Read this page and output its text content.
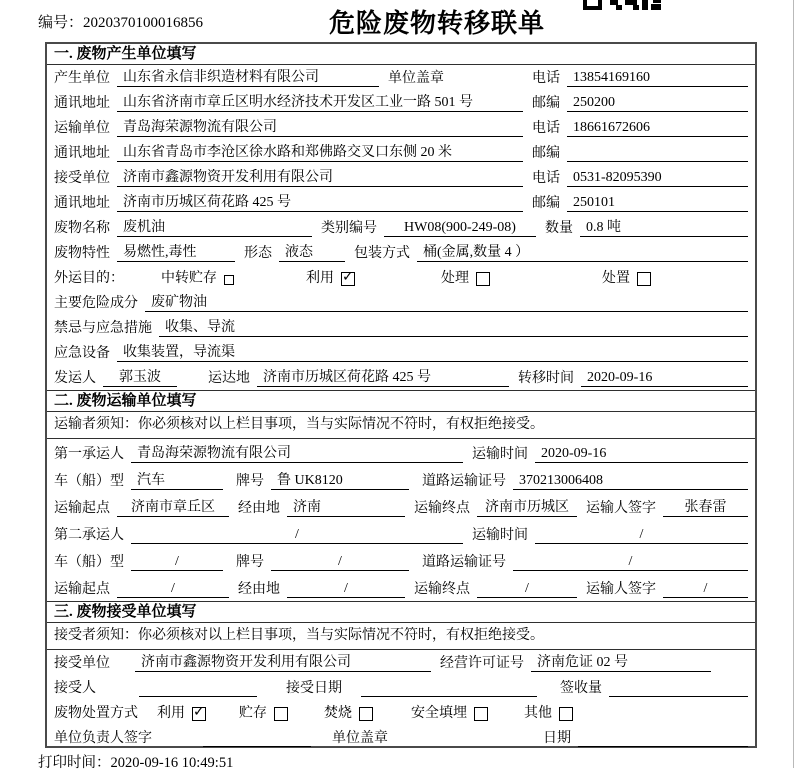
编号：2020370100016856	危险废物转移联单
一. 废物产生单位填写
产生单位 山东省永信非织造材料有限公司	单位盖章	电话 13854169160
通讯地址 山东省济南市章丘区明水经济技术开发区工业一路 501 号	邮编 250200
运输单位 青岛海荣源物流有限公司	电话 18661672606
通讯地址 山东省青岛市李沧区徐水路和郑佛路交叉口东侧 20 米	邮编
接受单位 济南市鑫源物资开发利用有限公司	电话 0531-82095390
通讯地址 济南市历城区荷花路 425 号	邮编 250101
废物名称 废机油	类别编号	HW08(900-249-08)	数量 0.8 吨
废物特性 易燃性,毒性	形态 液态	包装方式 桶(金属,数量 4 ）
外运目的：	中转贮存	利用 ✓	处理	处置
主要危险成分 废矿物油
禁忌与应急措施 收集、导流
应急设备 收集装置，导流渠
发运人	郭玉波	运达地 济南市历城区荷花路 425 号	转移时间 2020-09-16
二. 废物运输单位填写
运输者须知：你必须核对以上栏目事项，当与实际情况不符时，有权拒绝接受。
第一承运人 青岛海荣源物流有限公司	运输时间 2020-09-16
车（船）型 汽车	牌号 鲁 UK8120	道路运输证号 370213006408
运输起点	济南市章丘区	经由地 济南	运输终点	济南市历城区	运输人签字	张春雷
第二承运人	/	运输时间	/
车（船）型	/	牌号	/	道路运输证号	/
运输起点	/	经由地	/	运输终点	/	运输人签字	/
三. 废物接受单位填写
接受者须知：你必须核对以上栏目事项，当与实际情况不符时，有权拒绝接受。
接受单位	济南市鑫源物资开发利用有限公司	经营许可证号 济南危证 02 号
接受人	接受日期	签收量
废物处置方式 利用 ✓	贮存	焚烧	安全填埋	其他
单位负责人签字	单位盖章	日期
打印时间：2020-09-16 10:49:51
